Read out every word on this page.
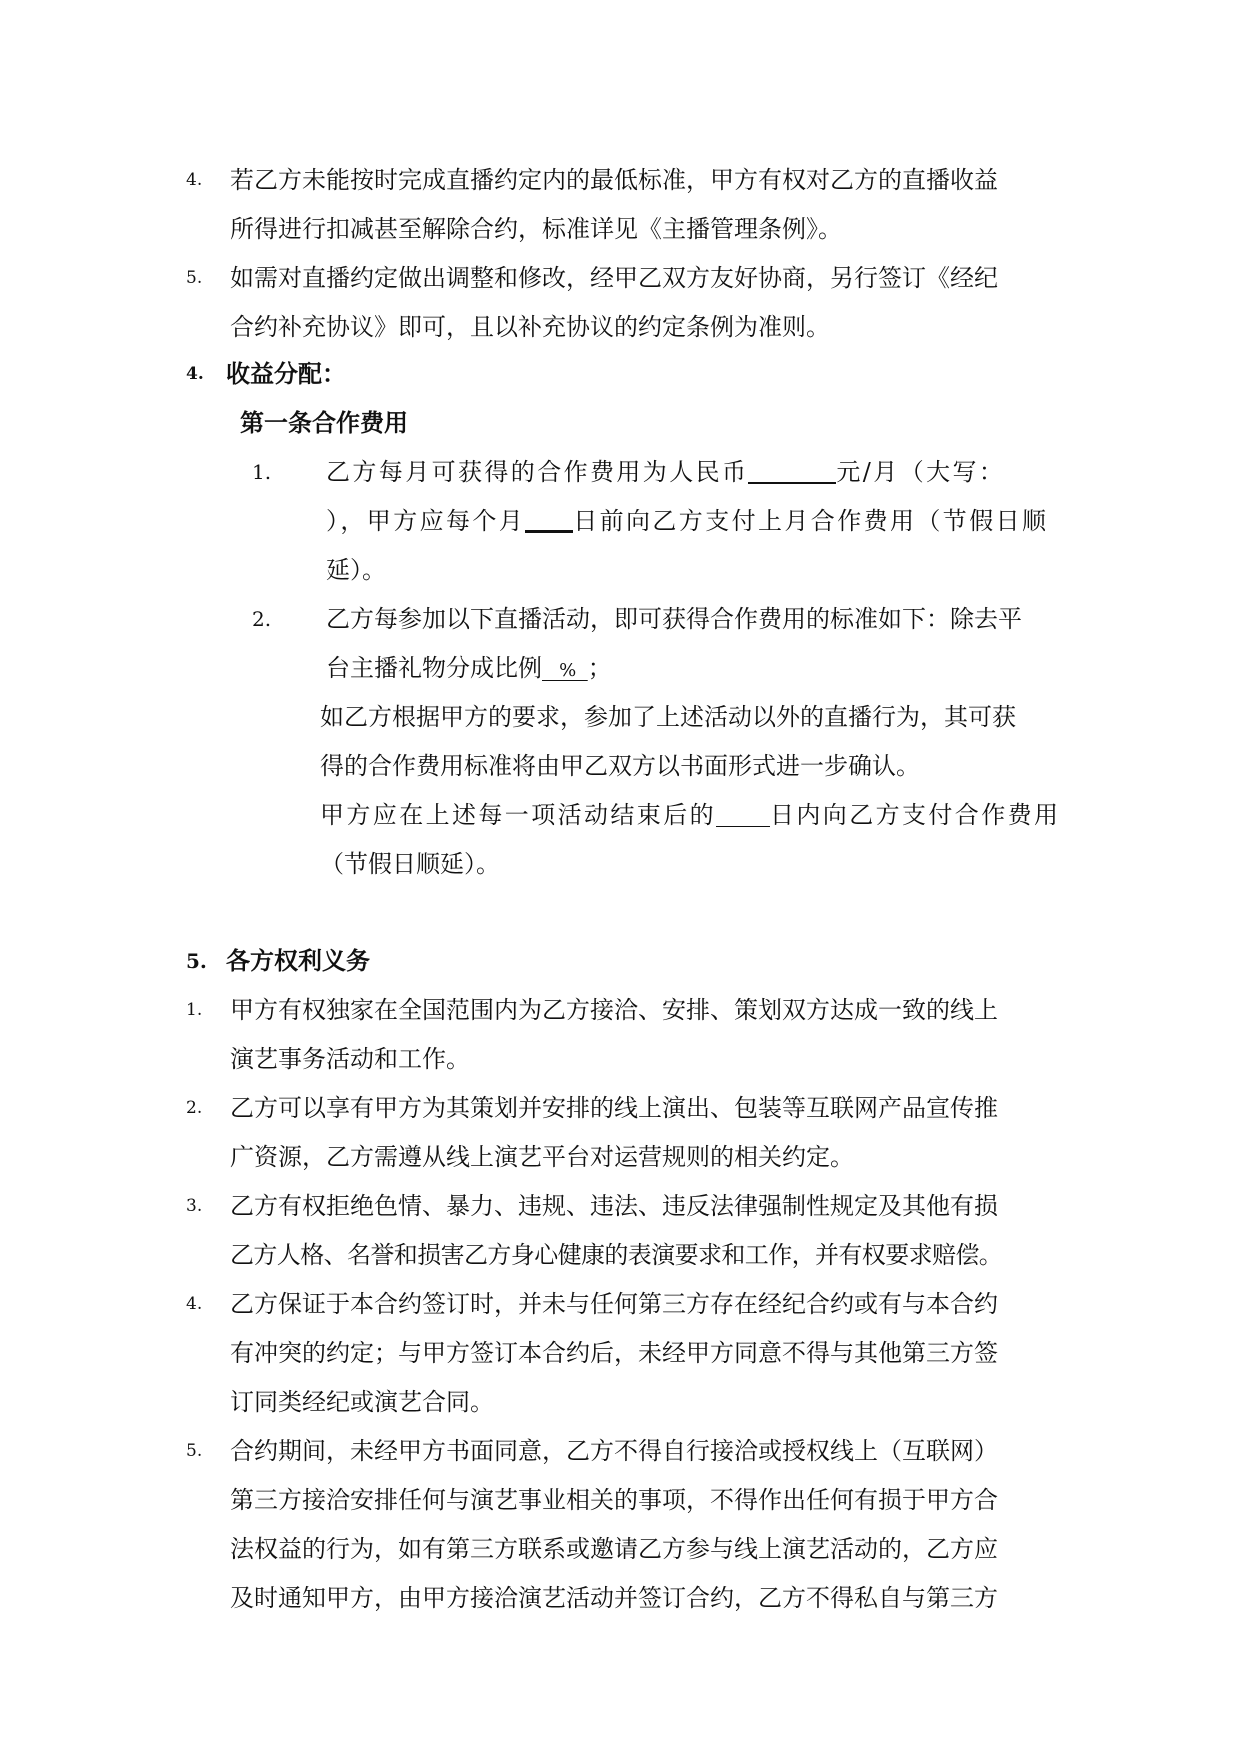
4. 若乙方未能按时完成直播约定内的最低标准，甲方有权对乙方的直播收益
所得进行扣减甚至解除合约，标准详见《主播管理条例》。
5. 如需对直播约定做出调整和修改，经甲乙双方友好协商，另行签订《经纪
合约补充协议》即可，且以补充协议的约定条例为准则。
4. 收益分配：
第一条合作费用
1. 乙方每月可获得的合作费用为人民币	元/月（大写：
），甲方应每个月 日前向乙方支付上月合作费用（节假日顺
延）。
2. 乙方每参加以下直播活动，即可获得合作费用的标准如下：除去平
台主播礼物分成比例   %  ；
如乙方根据甲方的要求，参加了上述活动以外的直播行为，其可获
得的合作费用标准将由甲乙双方以书面形式进一步确认。
甲方应在上述每一项活动结束后的 日内向乙方支付合作费用
（节假日顺延）。
5. 各方权利义务
1. 甲方有权独家在全国范围内为乙方接洽、安排、策划双方达成一致的线上
演艺事务活动和工作。
2. 乙方可以享有甲方为其策划并安排的线上演出、包装等互联网产品宣传推
广资源，乙方需遵从线上演艺平台对运营规则的相关约定。
3. 乙方有权拒绝色情、暴力、违规、违法、违反法律强制性规定及其他有损
乙方人格、名誉和损害乙方身心健康的表演要求和工作，并有权要求赔偿。
4. 乙方保证于本合约签订时，并未与任何第三方存在经纪合约或有与本合约
有冲突的约定；与甲方签订本合约后，未经甲方同意不得与其他第三方签
订同类经纪或演艺合同。
5. 合约期间，未经甲方书面同意，乙方不得自行接洽或授权线上（互联网）
第三方接洽安排任何与演艺事业相关的事项，不得作出任何有损于甲方合
法权益的行为，如有第三方联系或邀请乙方参与线上演艺活动的，乙方应
及时通知甲方，由甲方接洽演艺活动并签订合约，乙方不得私自与第三方
